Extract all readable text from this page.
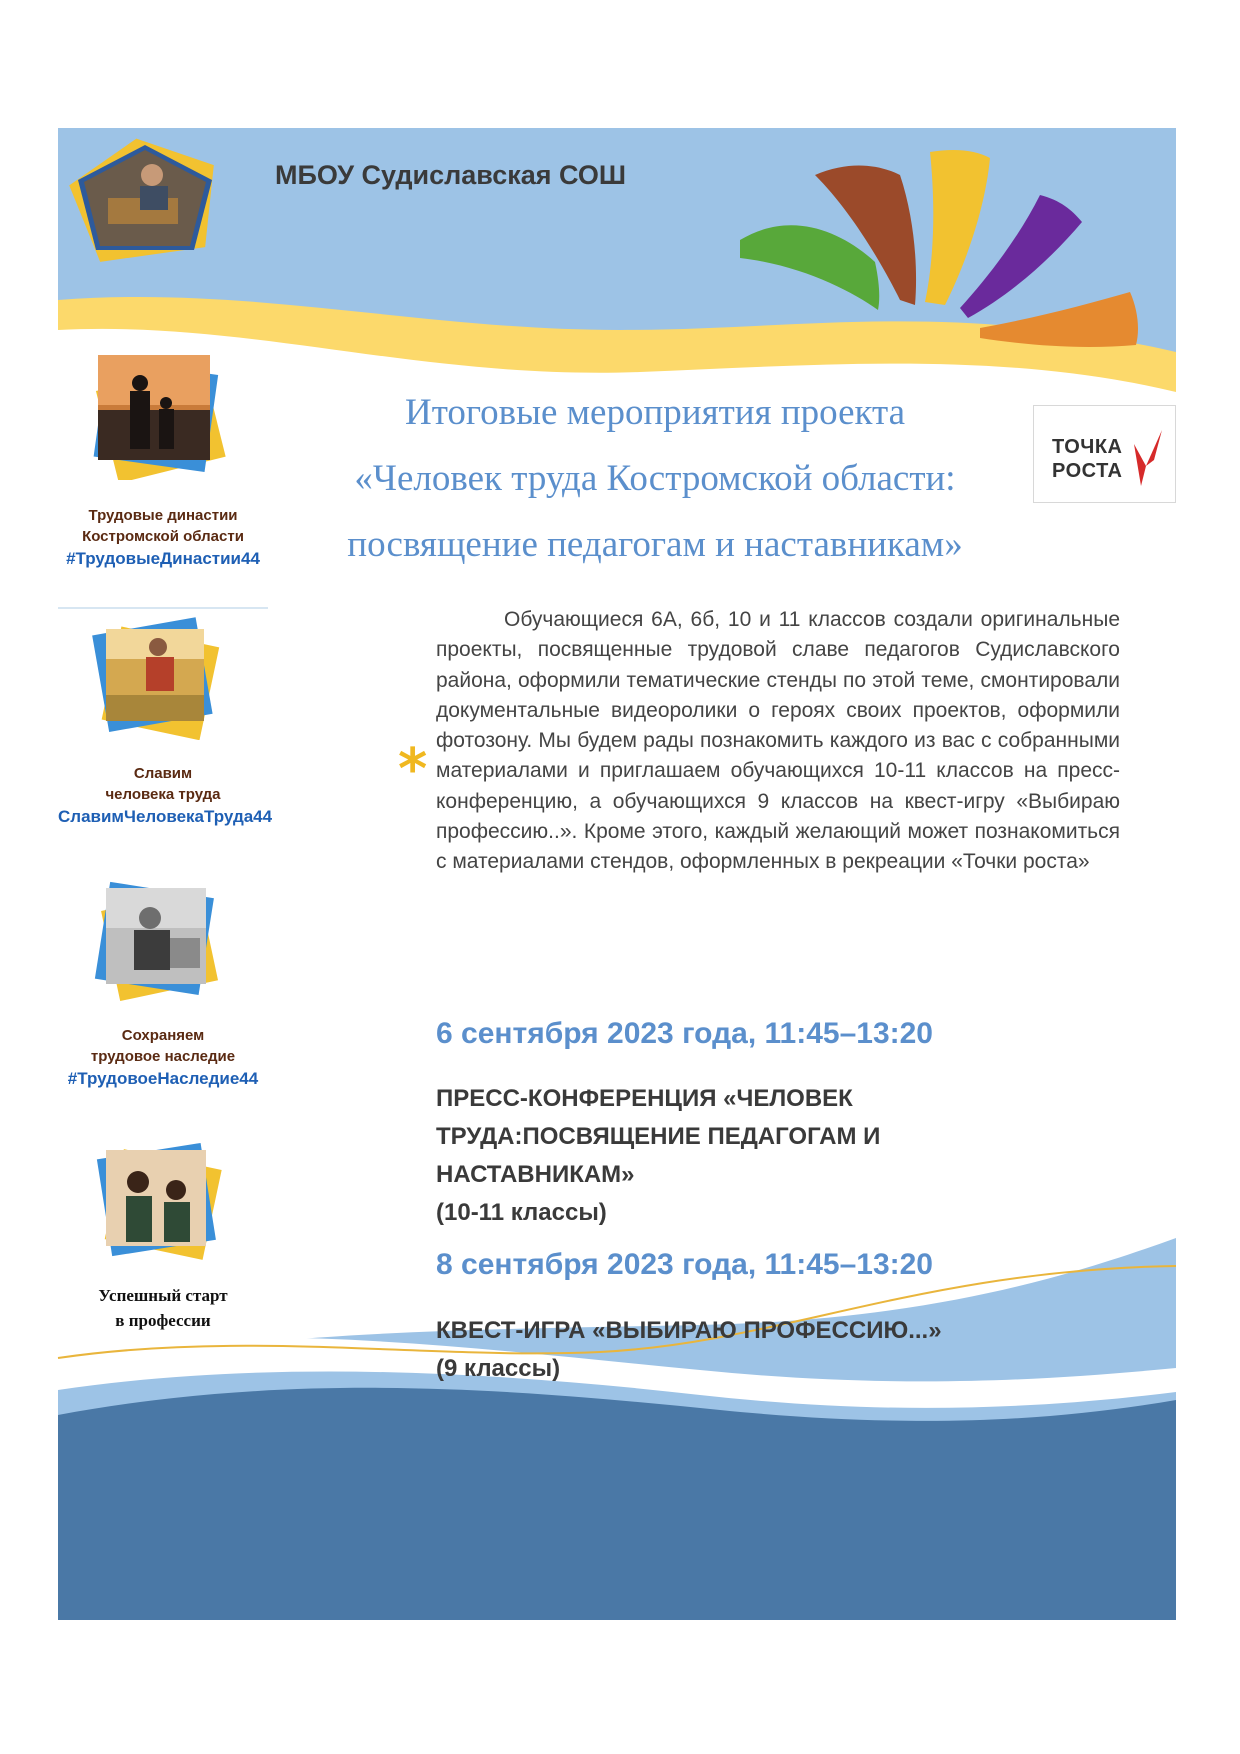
МБОУ Судиславская СОШ
Итоговые мероприятия проекта
«Человек труда Костромской области:
посвящение педагогам и наставникам»
ТОЧКА
РОСТА
Трудовые династии
Костромской области
#ТрудовыеДинастии44
Славим
человека труда
СлавимЧеловекаТруда44
Сохраняем
трудовое наследие
#ТрудовоеНаследие44
Успешный старт
в профессии
*
Обучающиеся 6А, 6б, 10 и 11 классов создали оригинальные проекты, посвященные трудовой славе педагогов Судиславского района, оформили тематические стенды по этой теме, смонтировали документальные видеоролики о героях своих проектов, оформили фотозону. Мы будем рады познакомить каждого из вас с собранными материалами и приглашаем обучающихся 10-11 классов на пресс-конференцию, а обучающихся 9 классов на квест-игру «Выбираю профессию..». Кроме этого, каждый желающий может познакомиться с материалами стендов, оформленных в рекреации «Точки роста»
6 сентября 2023 года, 11:45–13:20
ПРЕСС-КОНФЕРЕНЦИЯ «ЧЕЛОВЕК
ТРУДА:ПОСВЯЩЕНИЕ ПЕДАГОГАМ И
НАСТАВНИКАМ»
(10-11 классы)
8 сентября 2023 года, 11:45–13:20
КВЕСТ-ИГРА «ВЫБИРАЮ ПРОФЕССИЮ...»
(9 классы)
